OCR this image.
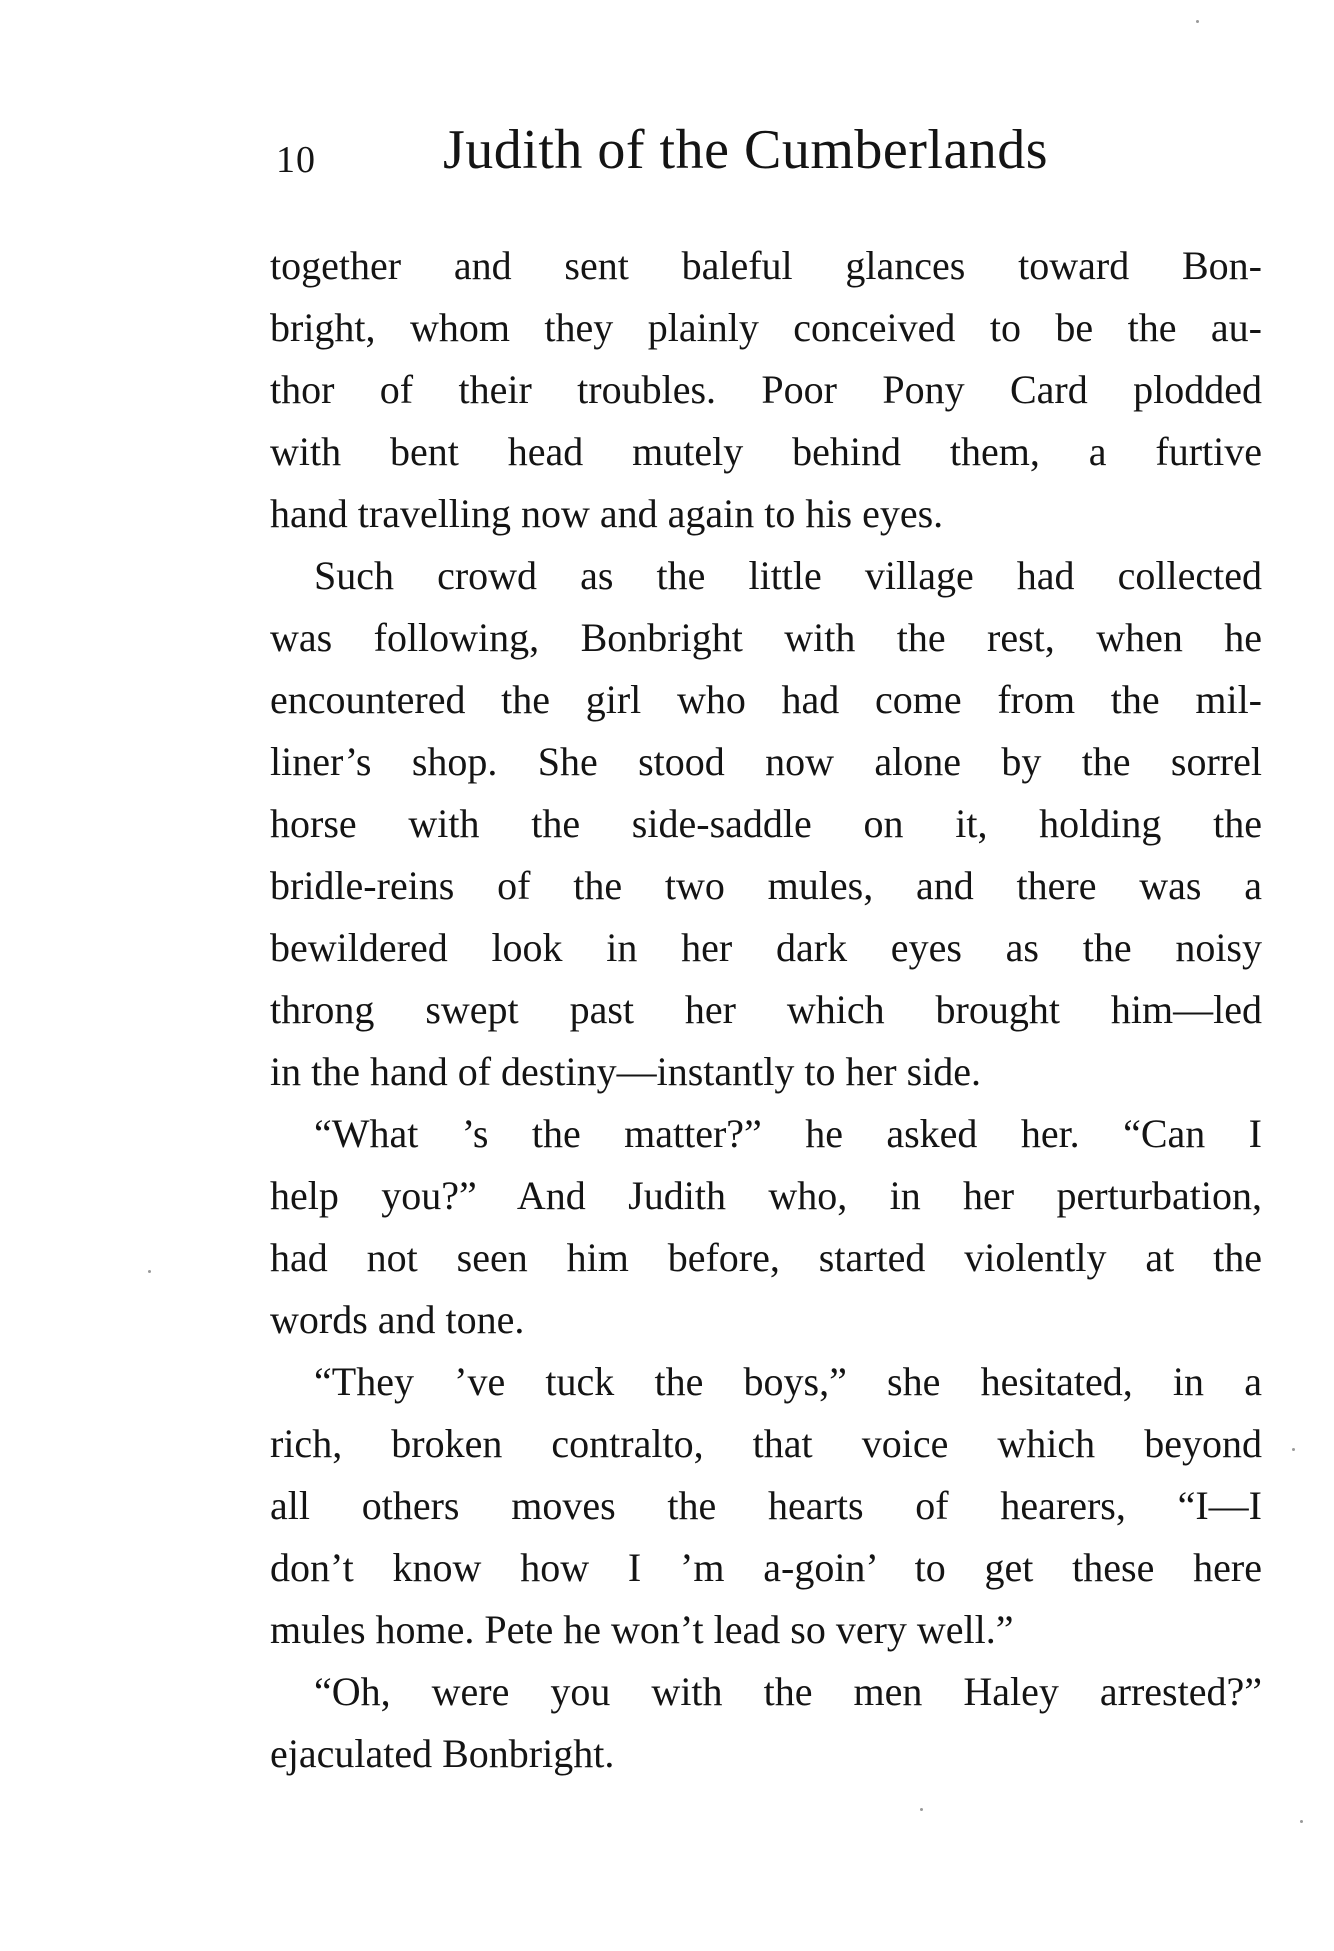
10 Judith of the Cumberlands
together and sent baleful glances toward Bon-
bright, whom they plainly conceived to be the au-
thor of their troubles. Poor Pony Card plodded
with bent head mutely behind them, a furtive
hand travelling now and again to his eyes.
Such crowd as the little village had collected
was following, Bonbright with the rest, when he
encountered the girl who had come from the mil-
liner’s shop. She stood now alone by the sorrel
horse with the side-saddle on it, holding the
bridle-reins of the two mules, and there was a
bewildered look in her dark eyes as the noisy
throng swept past her which brought him—led
in the hand of destiny—instantly to her side.
“What ’s the matter?” he asked her. “Can I
help you?” And Judith who, in her perturbation,
had not seen him before, started violently at the
words and tone.
“They ’ve tuck the boys,” she hesitated, in a
rich, broken contralto, that voice which beyond
all others moves the hearts of hearers, “I—I
don’t know how I ’m a-goin’ to get these here
mules home. Pete he won’t lead so very well.”
“Oh, were you with the men Haley arrested?”
ejaculated Bonbright.
